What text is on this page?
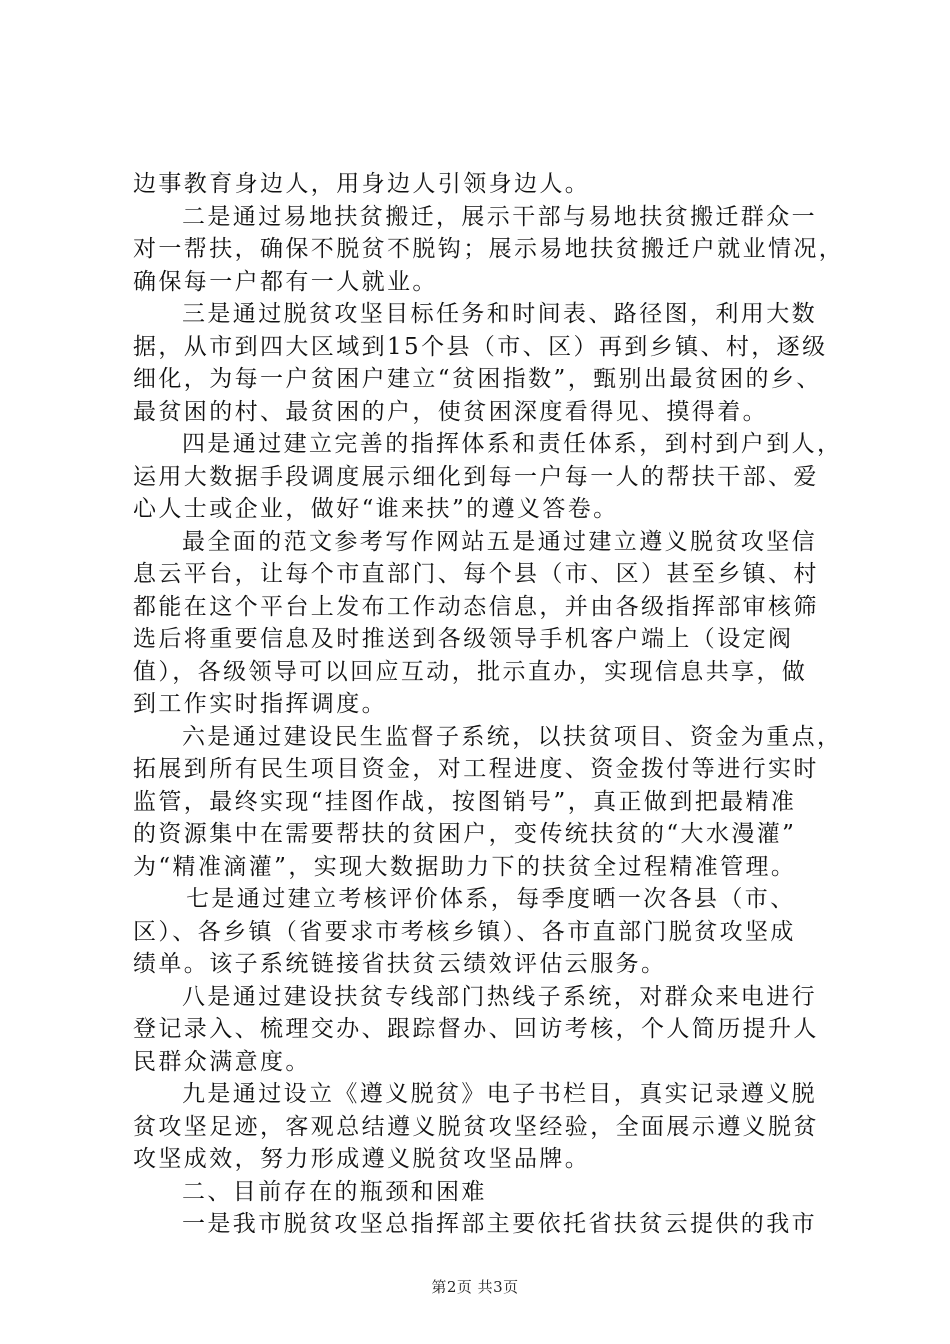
边事教育身边人，用身边人引领身边人。
二是通过易地扶贫搬迁，展示干部与易地扶贫搬迁群众一
对一帮扶，确保不脱贫不脱钩；展示易地扶贫搬迁户就业情况，
确保每一户都有一人就业。
三是通过脱贫攻坚目标任务和时间表、路径图，利用大数
据，从市到四大区域到15个县（市、区）再到乡镇、村，逐级
细化，为每一户贫困户建立“贫困指数”，甄别出最贫困的乡、
最贫困的村、最贫困的户，使贫困深度看得见、摸得着。
四是通过建立完善的指挥体系和责任体系，到村到户到人，
运用大数据手段调度展示细化到每一户每一人的帮扶干部、爱
心人士或企业，做好“谁来扶”的遵义答卷。
最全面的范文参考写作网站五是通过建立遵义脱贫攻坚信
息云平台，让每个市直部门、每个县（市、区）甚至乡镇、村
都能在这个平台上发布工作动态信息，并由各级指挥部审核筛
选后将重要信息及时推送到各级领导手机客户端上（设定阀
值），各级领导可以回应互动，批示直办，实现信息共享，做
到工作实时指挥调度。
六是通过建设民生监督子系统，以扶贫项目、资金为重点，
拓展到所有民生项目资金，对工程进度、资金拨付等进行实时
监管，最终实现“挂图作战，按图销号”，真正做到把最精准
的资源集中在需要帮扶的贫困户，变传统扶贫的“大水漫灌”
为“精准滴灌”，实现大数据助力下的扶贫全过程精准管理。
七是通过建立考核评价体系，每季度晒一次各县（市、
区）、各乡镇（省要求市考核乡镇）、各市直部门脱贫攻坚成
绩单。该子系统链接省扶贫云绩效评估云服务。
八是通过建设扶贫专线部门热线子系统，对群众来电进行
登记录入、梳理交办、跟踪督办、回访考核，个人简历提升人
民群众满意度。
九是通过设立《遵义脱贫》电子书栏目，真实记录遵义脱
贫攻坚足迹，客观总结遵义脱贫攻坚经验，全面展示遵义脱贫
攻坚成效，努力形成遵义脱贫攻坚品牌。
二、目前存在的瓶颈和困难
一是我市脱贫攻坚总指挥部主要依托省扶贫云提供的我市
第2页 共3页
